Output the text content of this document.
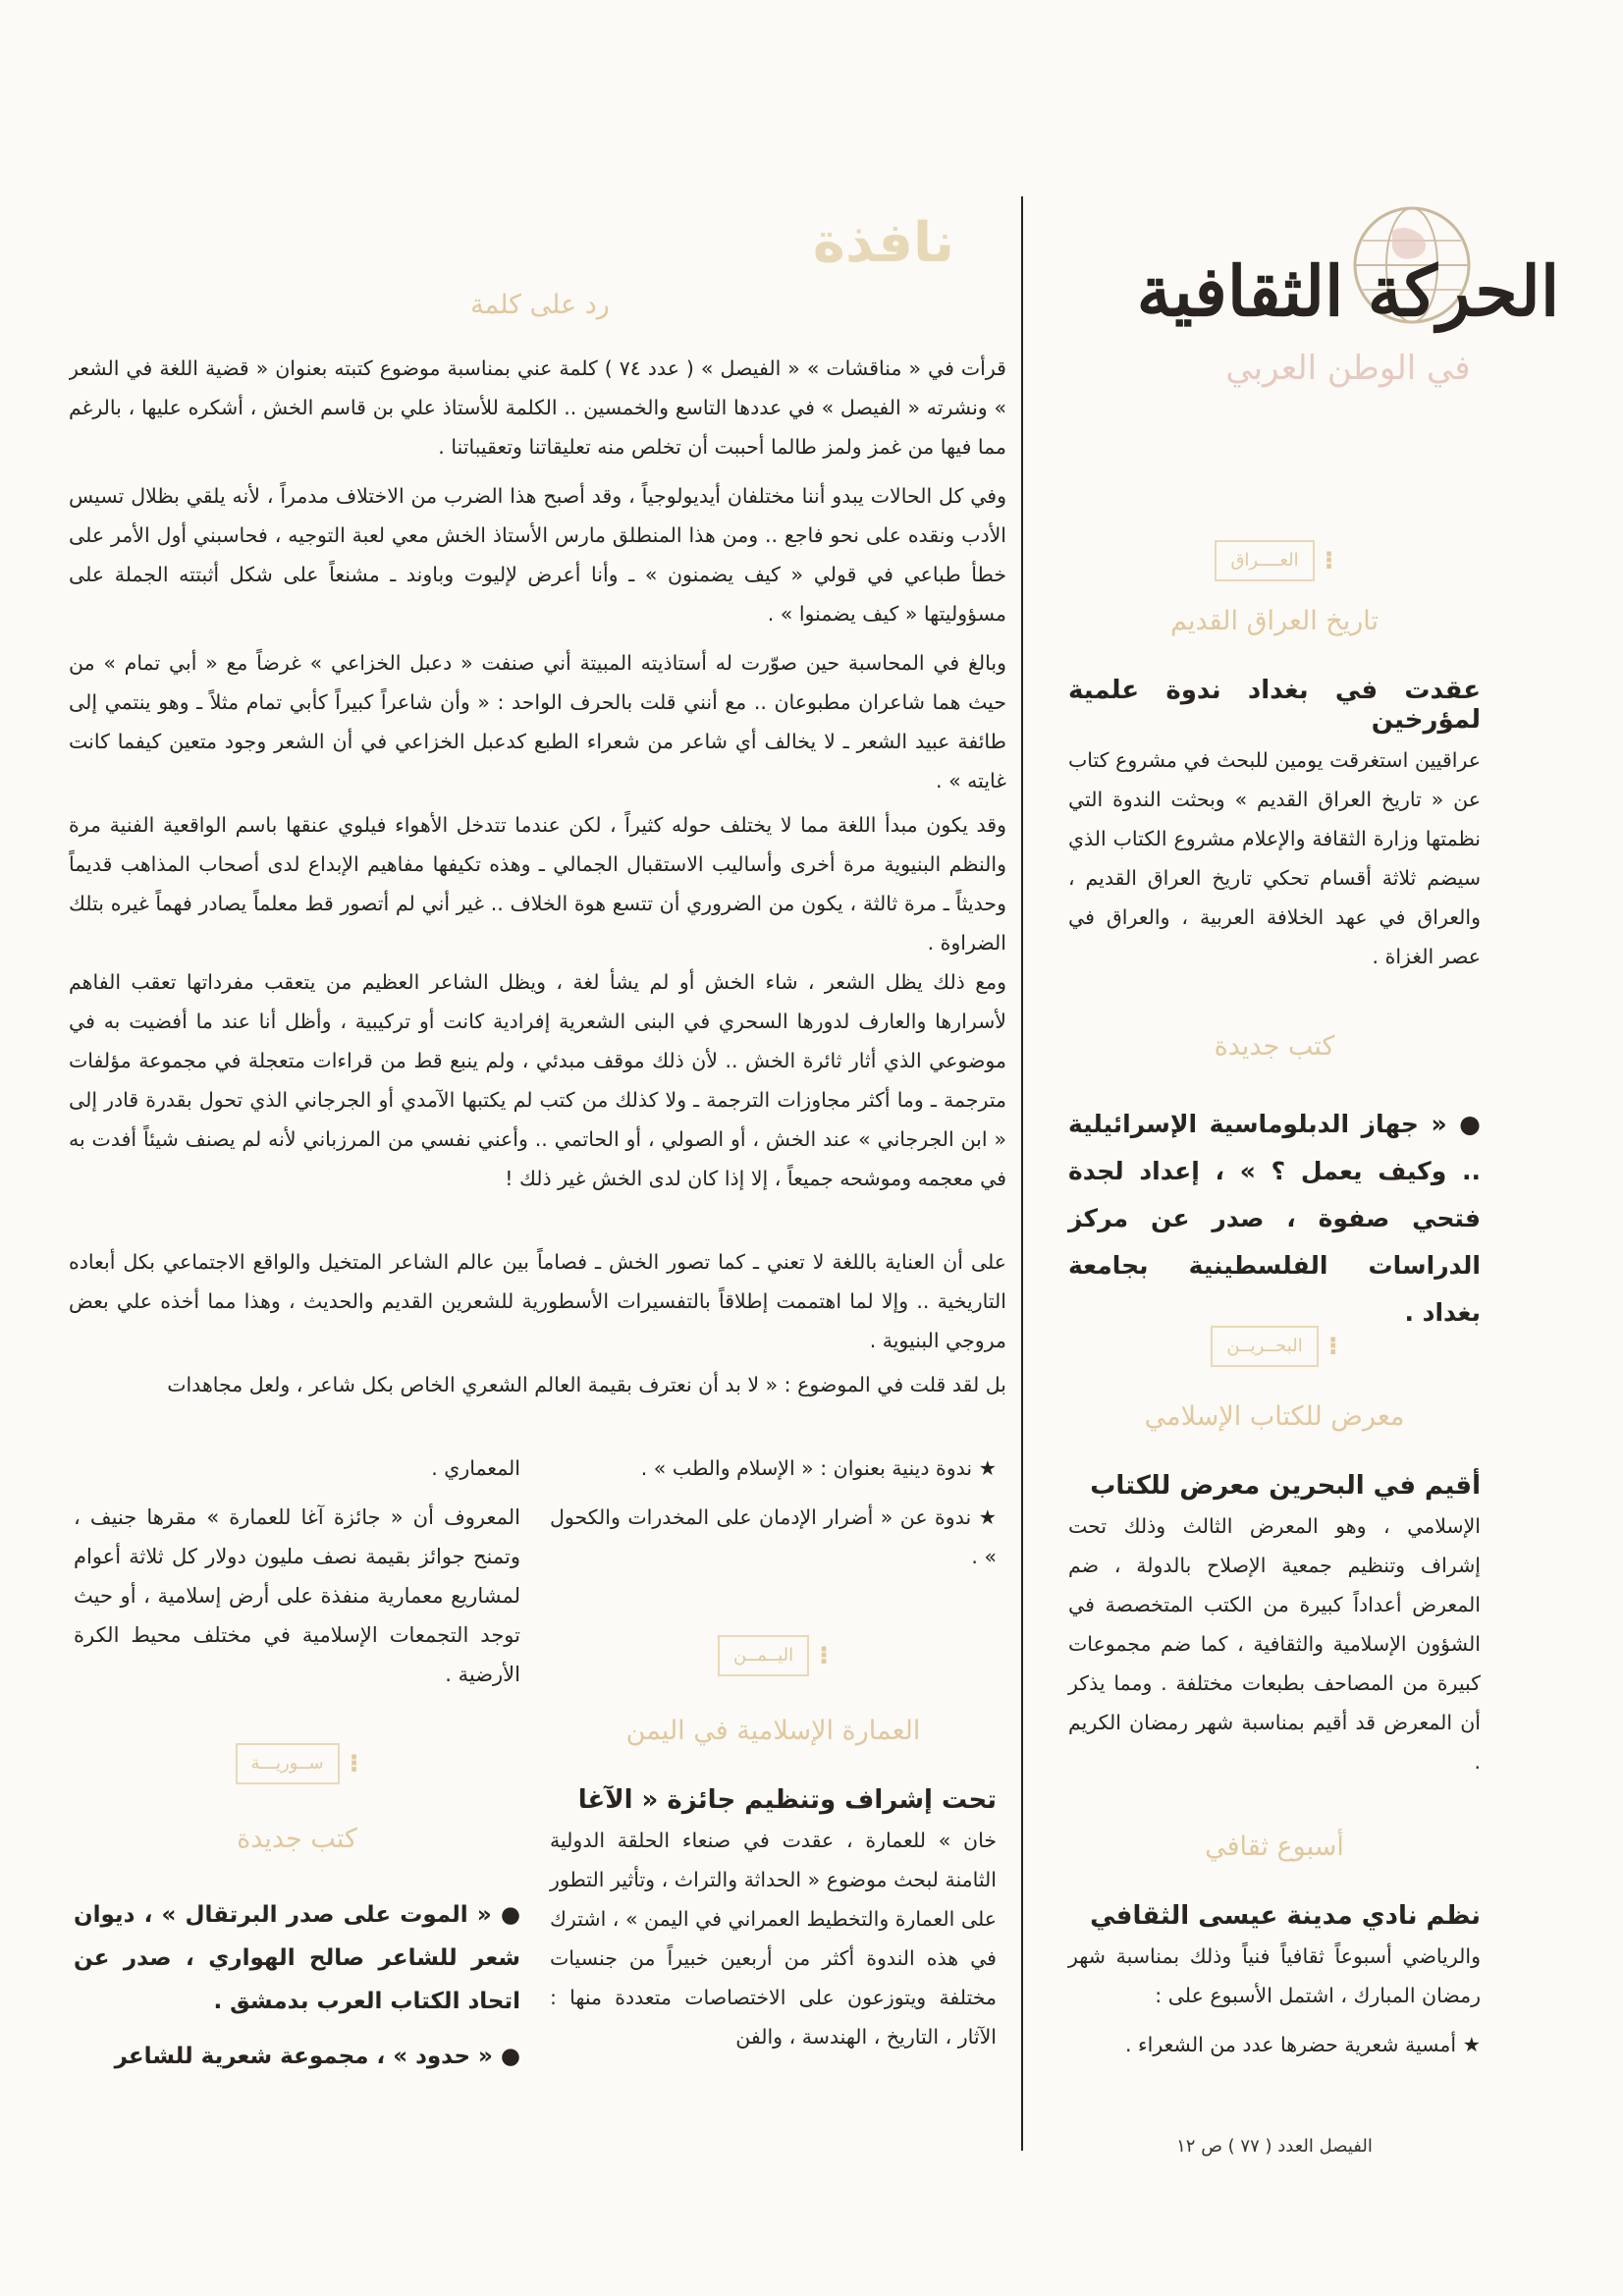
الحركة الثقافية
في الوطن العربي
نافذة
رد على كلمة

قرأت في « مناقشات » « الفيصل » ( عدد ٧٤ ) كلمة عني بمناسبة موضوع كتبته بعنوان « قضية اللغة في الشعر » ونشرته « الفيصل » في عددها التاسع والخمسين .. الكلمة للأستاذ علي بن قاسم الخش ، أشكره عليها ، بالرغم مما فيها من غمز ولمز طالما أحببت أن تخلص منه تعليقاتنا وتعقيباتنا .

وفي كل الحالات يبدو أننا مختلفان أيديولوجياً ، وقد أصبح هذا الضرب من الاختلاف مدمراً ، لأنه يلقي بظلال تسيس الأدب ونقده على نحو فاجع .. ومن هذا المنطلق مارس الأستاذ الخش معي لعبة التوجيه ، فحاسبني أول الأمر على خطأ طباعي في قولي « كيف يضمنون » ـ وأنا أعرض لإليوت وباوند ـ مشنعاً على شكل أثبتته الجملة على مسؤوليتها « كيف يضمنوا » .

وبالغ في المحاسبة حين صوّرت له أستاذيته المبيتة أني صنفت « دعبل الخزاعي » غرضاً مع « أبي تمام » من حيث هما شاعران مطبوعان .. مع أنني قلت بالحرف الواحد : « وأن شاعراً كبيراً كأبي تمام مثلاً ـ وهو ينتمي إلى طائفة عبيد الشعر ـ لا يخالف أي شاعر من شعراء الطبع كدعبل الخزاعي في أن الشعر وجود متعين كيفما كانت غايته » .

وقد يكون مبدأ اللغة مما لا يختلف حوله كثيراً ، لكن عندما تتدخل الأهواء فيلوي عنقها باسم الواقعية الفنية مرة والنظم البنيوية مرة أخرى وأساليب الاستقبال الجمالي ـ وهذه تكيفها مفاهيم الإبداع لدى أصحاب المذاهب قديماً وحديثاً ـ مرة ثالثة ، يكون من الضروري أن تتسع هوة الخلاف .. غير أني لم أتصور قط معلماً يصادر فهماً غيره بتلك الضراوة .

ومع ذلك يظل الشعر ، شاء الخش أو لم يشأ لغة ، ويظل الشاعر العظيم من يتعقب مفرداتها تعقب الفاهم لأسرارها والعارف لدورها السحري في البنى الشعرية إفرادية كانت أو تركيبية ، وأظل أنا عند ما أفضيت به في موضوعي الذي أثار ثائرة الخش .. لأن ذلك موقف مبدئي ، ولم ينبع قط من قراءات متعجلة في مجموعة مؤلفات مترجمة ـ وما أكثر مجاوزات الترجمة ـ ولا كذلك من كتب لم يكتبها الآمدي أو الجرجاني الذي تحول بقدرة قادر إلى « ابن الجرجاني » عند الخش ، أو الصولي ، أو الحاتمي .. وأعني نفسي من المرزباني لأنه لم يصنف شيئاً أفدت به في معجمه وموشحه جميعاً ، إلا إذا كان لدى الخش غير ذلك !

على أن العناية باللغة لا تعني ـ كما تصور الخش ـ فصاماً بين عالم الشاعر المتخيل والواقع الاجتماعي بكل أبعاده التاريخية .. وإلا لما اهتممت إطلاقاً بالتفسيرات الأسطورية للشعرين القديم والحديث ، وهذا مما أخذه علي بعض مروجي البنيوية .

بل لقد قلت في الموضوع : « لا بد أن نعترف بقيمة العالم الشعري الخاص بكل شاعر ، ولعل مجاهدات

⁝
العــــراق
تاريخ العراق القديم
عقدت في بغداد ندوة علمية لمؤرخين

عراقيين استغرقت يومين للبحث في مشروع كتاب عن « تاريخ العراق القديم » وبحثت الندوة التي نظمتها وزارة الثقافة والإعلام مشروع الكتاب الذي سيضم ثلاثة أقسام تحكي تاريخ العراق القديم ، والعراق في عهد الخلافة العربية ، والعراق في عصر الغزاة .

كتب جديدة

● « جهاز الدبلوماسية الإسرائيلية .. وكيف يعمل ؟ » ، إعداد لجدة فتحي صفوة ، صدر عن مركز الدراسات الفلسطينية بجامعة بغداد .

⁝
البحــريــن
معرض للكتاب الإسلامي
أقيم في البحرين معرض للكتاب

الإسلامي ، وهو المعرض الثالث وذلك تحت إشراف وتنظيم جمعية الإصلاح بالدولة ، ضم المعرض أعداداً كبيرة من الكتب المتخصصة في الشؤون الإسلامية والثقافية ، كما ضم مجموعات كبيرة من المصاحف بطبعات مختلفة . ومما يذكر أن المعرض قد أقيم بمناسبة شهر رمضان الكريم .

أسبوع ثقافي
نظم نادي مدينة عيسى الثقافي

والرياضي أسبوعاً ثقافياً فنياً وذلك بمناسبة شهر رمضان المبارك ، اشتمل الأسبوع على :

★ أمسية شعرية حضرها عدد من الشعراء .

★ ندوة دينية بعنوان : « الإسلام والطب » .

★ ندوة عن « أضرار الإدمان على المخدرات والكحول » .

⁝
اليــمــن
العمارة الإسلامية في اليمن
تحت إشراف وتنظيم جائزة « الآغا

خان » للعمارة ، عقدت في صنعاء الحلقة الدولية الثامنة لبحث موضوع « الحداثة والتراث ، وتأثير التطور على العمارة والتخطيط العمراني في اليمن » ، اشترك في هذه الندوة أكثر من أربعين خبيراً من جنسيات مختلفة ويتوزعون على الاختصاصات متعددة منها : الآثار ، التاريخ ، الهندسة ، والفن

المعماري .

المعروف أن « جائزة آغا للعمارة » مقرها جنيف ، وتمنح جوائز بقيمة نصف مليون دولار كل ثلاثة أعوام لمشاريع معمارية منفذة على أرض إسلامية ، أو حيث توجد التجمعات الإسلامية في مختلف محيط الكرة الأرضية .

⁝
ســوريـــة
كتب جديدة

● « الموت على صدر البرتقال » ، ديوان شعر للشاعر صالح الهواري ، صدر عن اتحاد الكتاب العرب بدمشق .

● « حدود » ، مجموعة شعرية للشاعر

الفيصل العدد ( ٧٧ ) ص ١٢
